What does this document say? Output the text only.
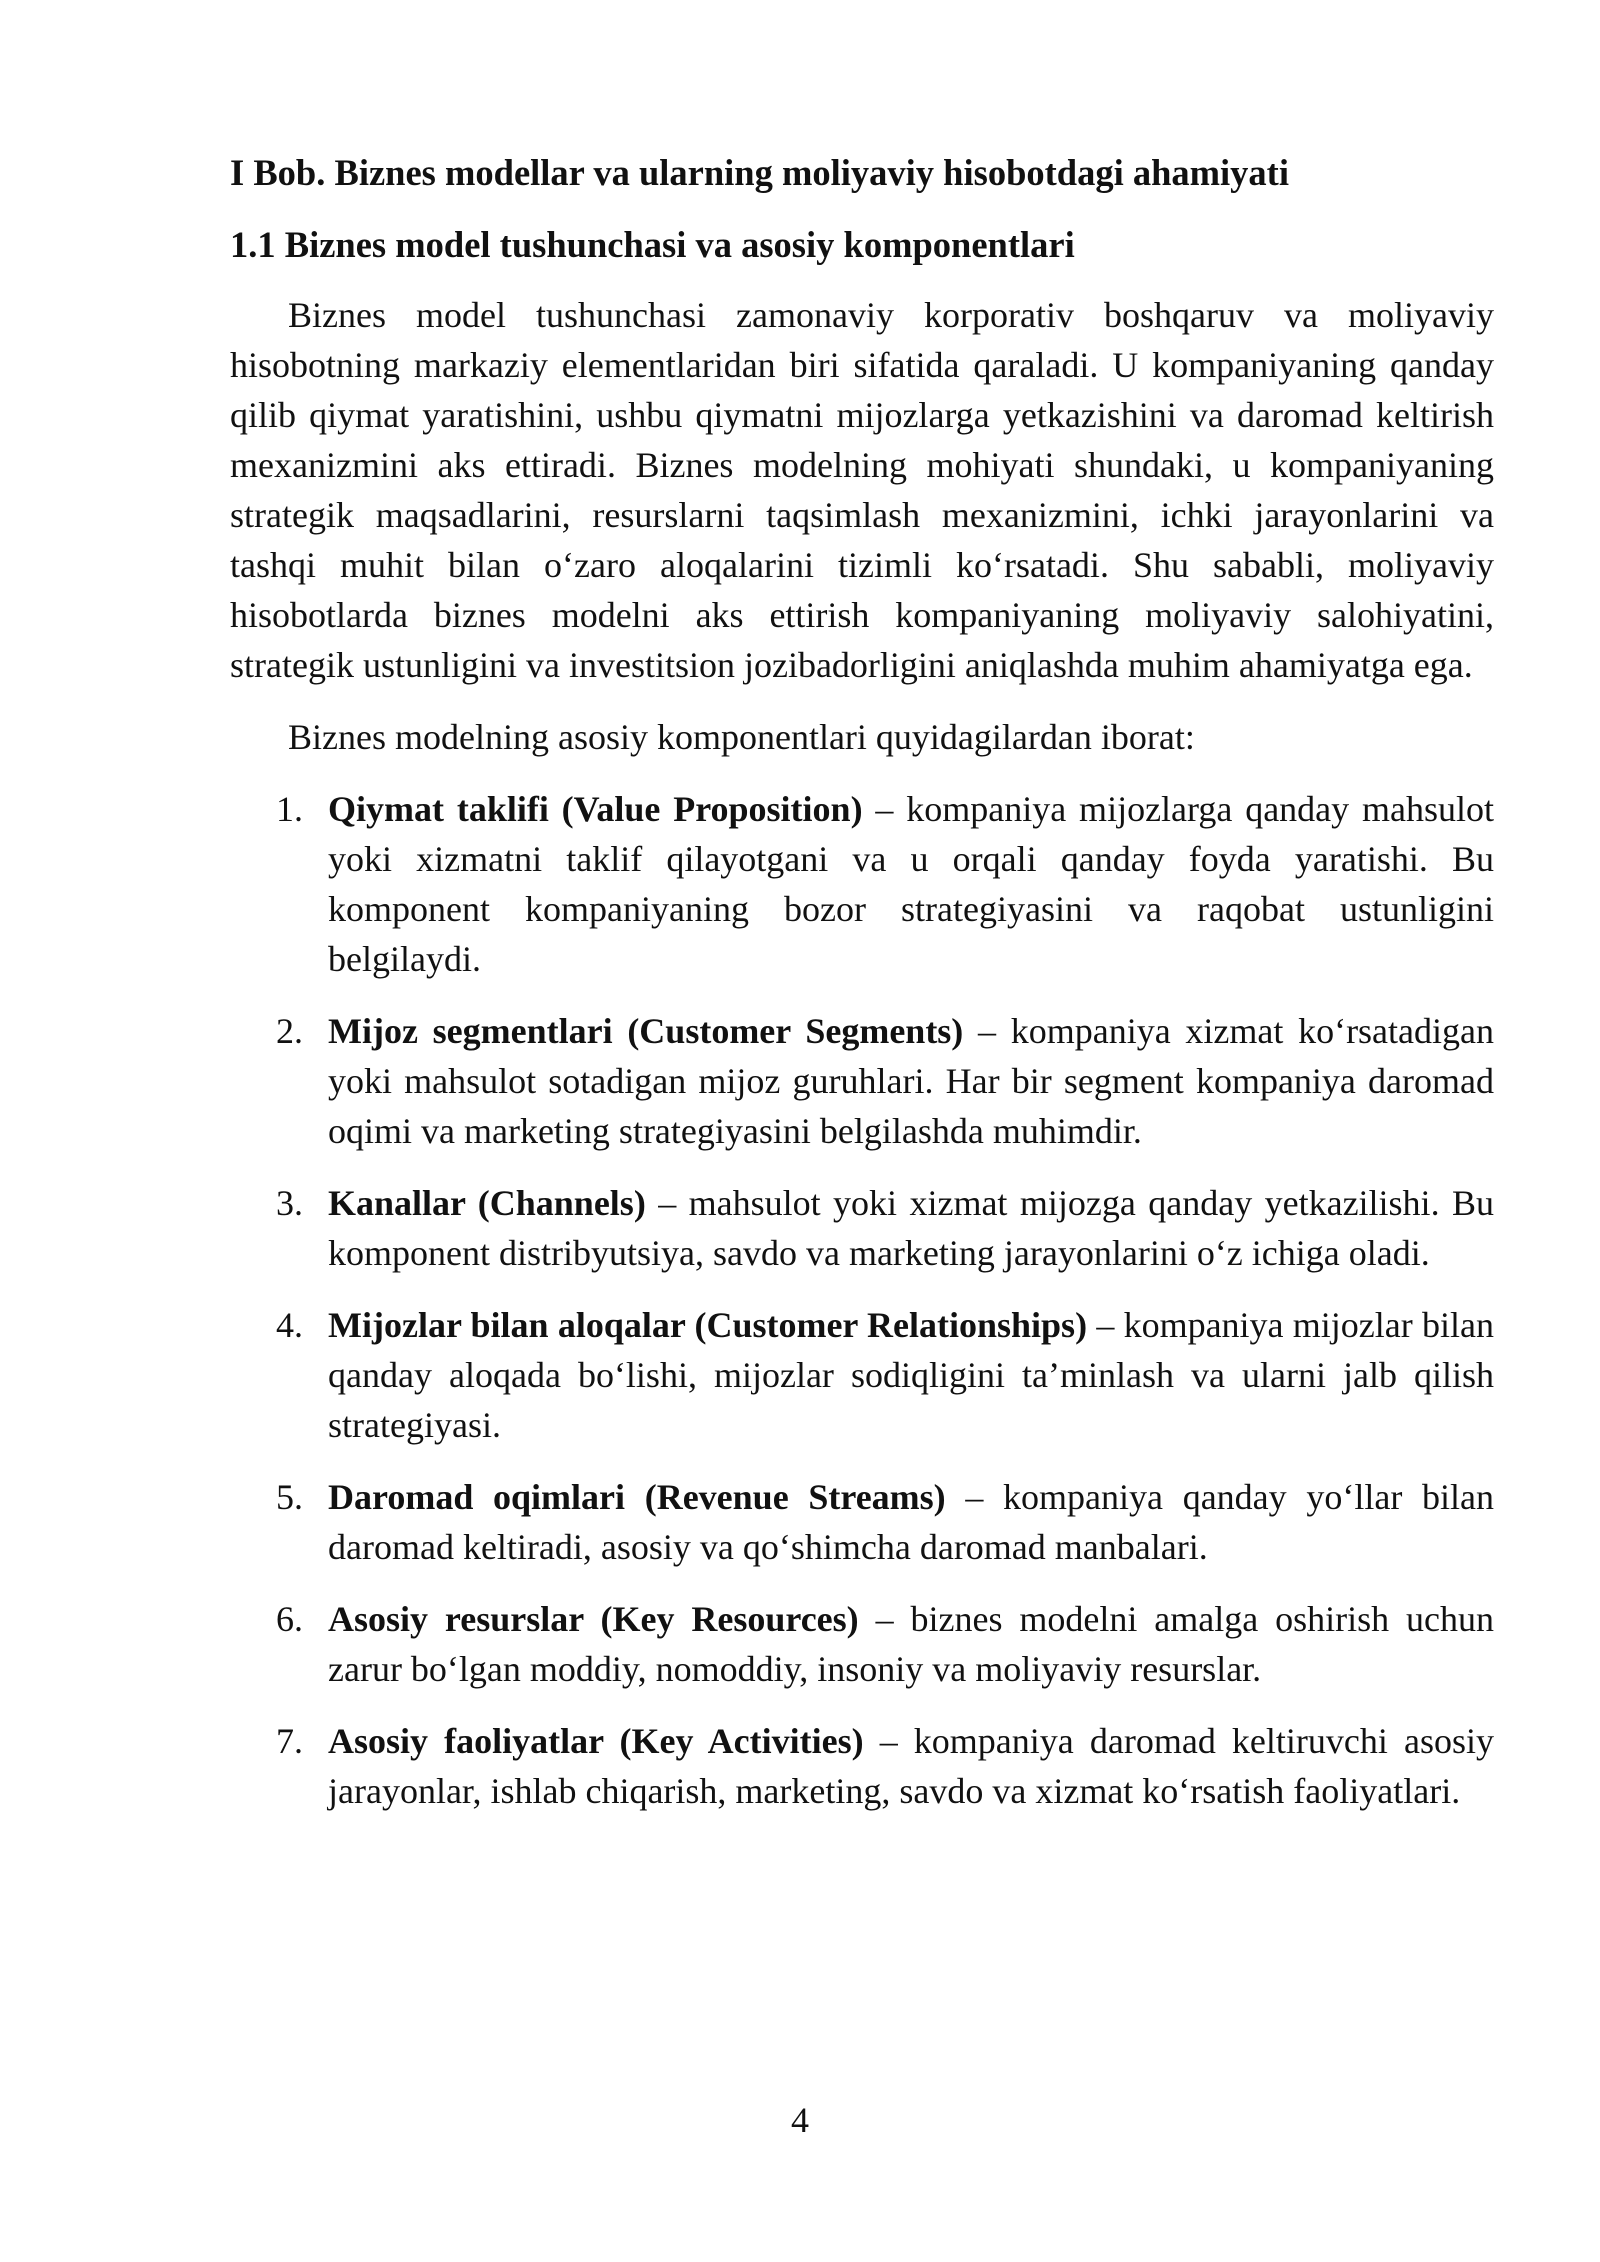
I Bob. Biznes modellar va ularning moliyaviy hisobotdagi ahamiyati
1.1 Biznes model tushunchasi va asosiy komponentlari

Biznes model tushunchasi zamonaviy korporativ boshqaruv va moliyaviy hisobotning markaziy elementlaridan biri sifatida qaraladi. U kompaniyaning qanday qilib qiymat yaratishini, ushbu qiymatni mijozlarga yetkazishini va daromad keltirish mexanizmini aks ettiradi. Biznes modelning mohiyati shundaki, u kompaniyaning strategik maqsadlarini, resurslarni taqsimlash mexanizmini, ichki jarayonlarini va tashqi muhit bilan o‘zaro aloqalarini tizimli ko‘rsatadi. Shu sababli, moliyaviy hisobotlarda biznes modelni aks ettirish kompaniyaning moliyaviy salohiyatini, strategik ustunligini va investitsion jozibadorligini aniqlashda muhim ahamiyatga ega.

Biznes modelning asosiy komponentlari quyidagilardan iborat:

1. Qiymat taklifi (Value Proposition) – kompaniya mijozlarga qanday mahsulot yoki xizmatni taklif qilayotgani va u orqali qanday foyda yaratishi. Bu komponent kompaniyaning bozor strategiyasini va raqobat ustunligini belgilaydi.
2. Mijoz segmentlari (Customer Segments) – kompaniya xizmat ko‘rsatadigan yoki mahsulot sotadigan mijoz guruhlari. Har bir segment kompaniya daromad oqimi va marketing strategiyasini belgilashda muhimdir.
3. Kanallar (Channels) – mahsulot yoki xizmat mijozga qanday yetkazilishi. Bu komponent distribyutsiya, savdo va marketing jarayonlarini o‘z ichiga oladi.
4. Mijozlar bilan aloqalar (Customer Relationships) – kompaniya mijozlar bilan qanday aloqada bo‘lishi, mijozlar sodiqligini ta’minlash va ularni jalb qilish strategiyasi.
5. Daromad oqimlari (Revenue Streams) – kompaniya qanday yo‘llar bilan daromad keltiradi, asosiy va qo‘shimcha daromad manbalari.
6. Asosiy resurslar (Key Resources) – biznes modelni amalga oshirish uchun zarur bo‘lgan moddiy, nomoddiy, insoniy va moliyaviy resurslar.
7. Asosiy faoliyatlar (Key Activities) – kompaniya daromad keltiruvchi asosiy jarayonlar, ishlab chiqarish, marketing, savdo va xizmat ko‘rsatish faoliyatlari.
4
